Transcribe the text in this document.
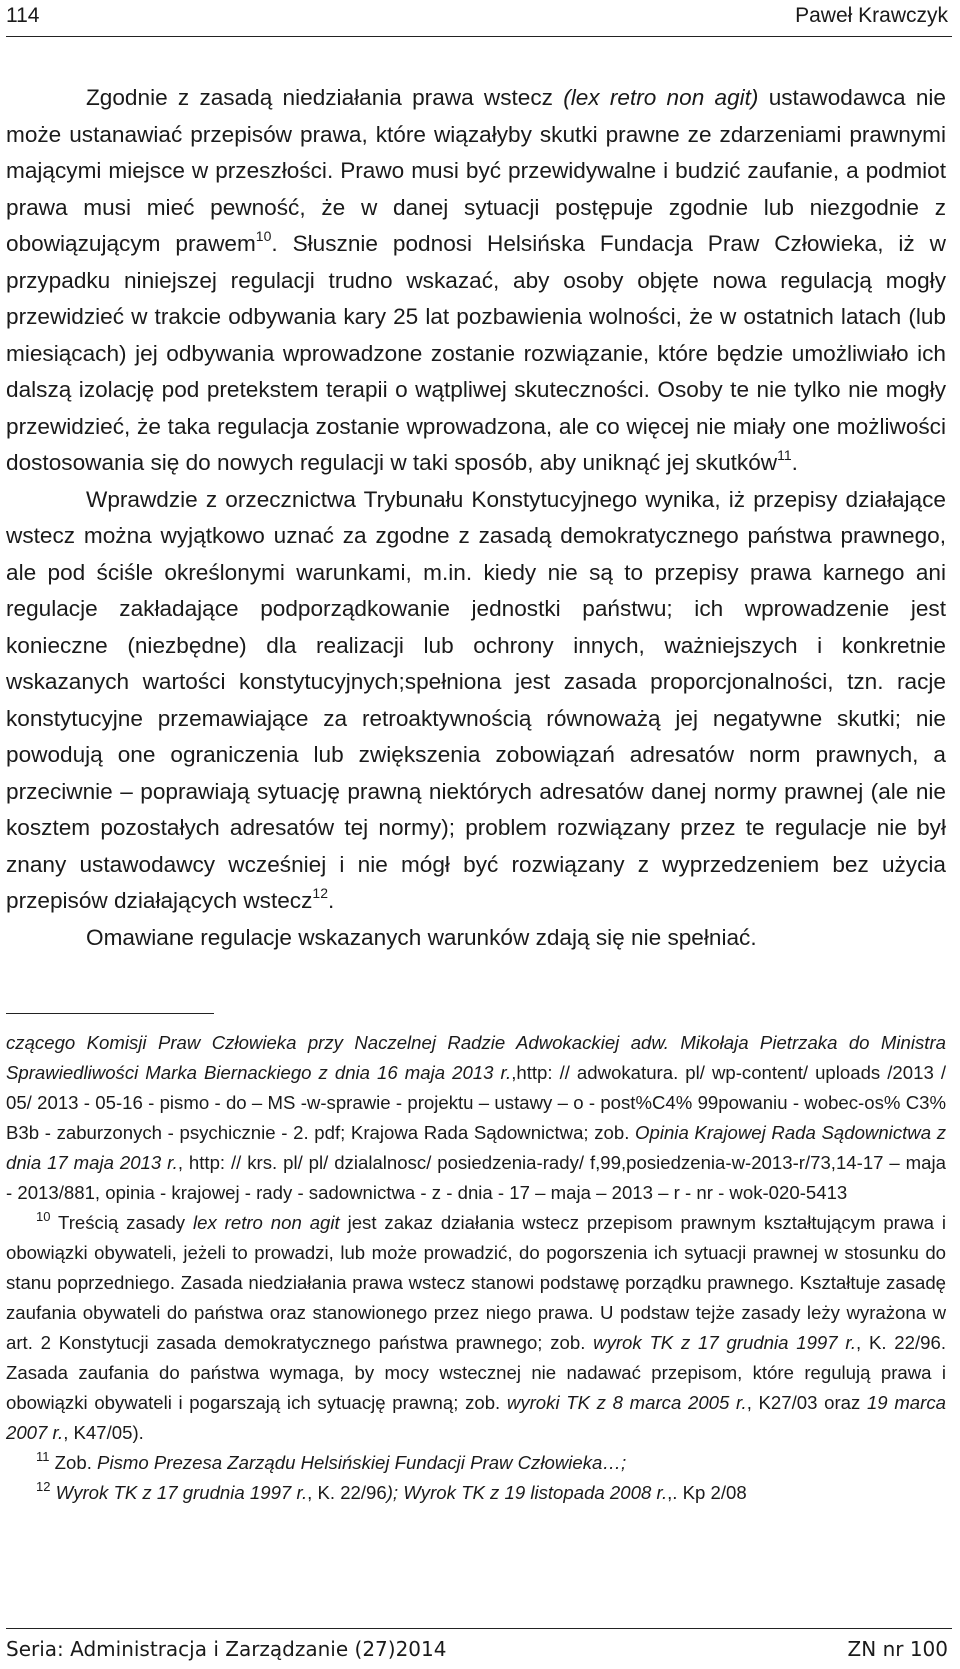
114	Paweł Krawczyk

Zgodnie z zasadą niedziałania prawa wstecz (lex retro non agit) ustawodawca nie może ustanawiać przepisów prawa, które wiązałyby skutki prawne ze zdarzeniami prawnymi mającymi miejsce w przeszłości. Prawo musi być przewidywalne i budzić zaufanie, a podmiot prawa musi mieć pewność, że w danej sytuacji postępuje zgodnie lub niezgodnie z obowiązującym prawem$^{10}$. Słusznie podnosi Helsińska Fundacja Praw Człowieka, iż w przypadku niniejszej regulacji trudno wskazać, aby osoby objęte nowa regulacją mogły przewidzieć w trakcie odbywania kary 25 lat pozbawienia wolności, że w ostatnich latach (lub miesiącach) jej odbywania wprowadzone zostanie rozwiązanie, które będzie umożliwiało ich dalszą izolację pod pretekstem terapii o wątpliwej skuteczności. Osoby te nie tylko nie mogły przewidzieć, że taka regulacja zostanie wprowadzona, ale co więcej nie miały one możliwości dostosowania się do nowych regulacji w taki sposób, aby uniknąć jej skutków$^{11}$.

Wprawdzie z orzecznictwa Trybunału Konstytucyjnego wynika, iż przepisy działające wstecz można wyjątkowo uznać za zgodne z zasadą demokratycznego państwa prawnego, ale pod ściśle określonymi warunkami, m.in. kiedy nie są to przepisy prawa karnego ani regulacje zakładające podporządkowanie jednostki państwu; ich wprowadzenie jest konieczne (niezbędne) dla realizacji lub ochrony innych, ważniejszych i konkretnie wskazanych wartości konstytucyjnych;spełniona jest zasada proporcjonalności, tzn. racje konstytucyjne przemawiające za retroaktywnością równoważą jej negatywne skutki; nie powodują one ograniczenia lub zwiększenia zobowiązań adresatów norm prawnych, a przeciwnie – poprawiają sytuację prawną niektórych adresatów danej normy prawnej (ale nie kosztem pozostałych adresatów tej normy); problem rozwiązany przez te regulacje nie był znany ustawodawcy wcześniej i nie mógł być rozwiązany z wyprzedzeniem bez użycia przepisów działających wstecz$^{12}$.

Omawiane regulacje wskazanych warunków zdają się nie spełniać.

czącego Komisji Praw Człowieka przy Naczelnej Radzie Adwokackiej adw. Mikołaja Pietrzaka do Ministra Sprawiedliwości Marka Biernackiego z dnia 16 maja 2013 r.,http: // adwokatura. pl/ wp-content/ uploads /2013 / 05/ 2013 - 05-16 - pismo - do – MS -w-sprawie - projektu – ustawy – o - post%C4% 99powaniu - wobec-os% C3% B3b - zaburzonych - psychicznie - 2. pdf; Krajowa Rada Sądownictwa; zob. Opinia Krajowej Rada Sądownictwa z dnia 17 maja 2013 r., http: // krs. pl/ pl/ dzialalnosc/ posiedzenia-rady/ f,99,posiedzenia-w-2013-r/73,14-17 – maja - 2013/881, opinia - krajowej - rady - sadownictwa - z - dnia - 17 – maja – 2013 – r - nr - wok-020-5413

$^{10}$ Treścią zasady lex retro non agit jest zakaz działania wstecz przepisom prawnym kształtującym prawa i obowiązki obywateli, jeżeli to prowadzi, lub może prowadzić, do pogorszenia ich sytuacji prawnej w stosunku do stanu poprzedniego. Zasada niedziałania prawa wstecz stanowi podstawę porządku prawnego. Kształtuje zasadę zaufania obywateli do państwa oraz stanowionego przez niego prawa. U podstaw tejże zasady leży wyrażona w art. 2 Konstytucji zasada demokratycznego państwa prawnego; zob. wyrok TK z 17 grudnia 1997 r., K. 22/96. Zasada zaufania do państwa wymaga, by mocy wstecznej nie nadawać przepisom, które regulują prawa i obowiązki obywateli i pogarszają ich sytuację prawną; zob. wyroki TK z 8 marca 2005 r., K27/03 oraz 19 marca 2007 r., K47/05).

$^{11}$ Zob. Pismo Prezesa Zarządu Helsińskiej Fundacji Praw Człowieka…;

$^{12}$ Wyrok TK z 17 grudnia 1997 r., K. 22/96); Wyrok TK z 19 listopada 2008 r.,. Kp 2/08

Seria: Administracja i Zarządzanie (27)2014	ZN nr 100
